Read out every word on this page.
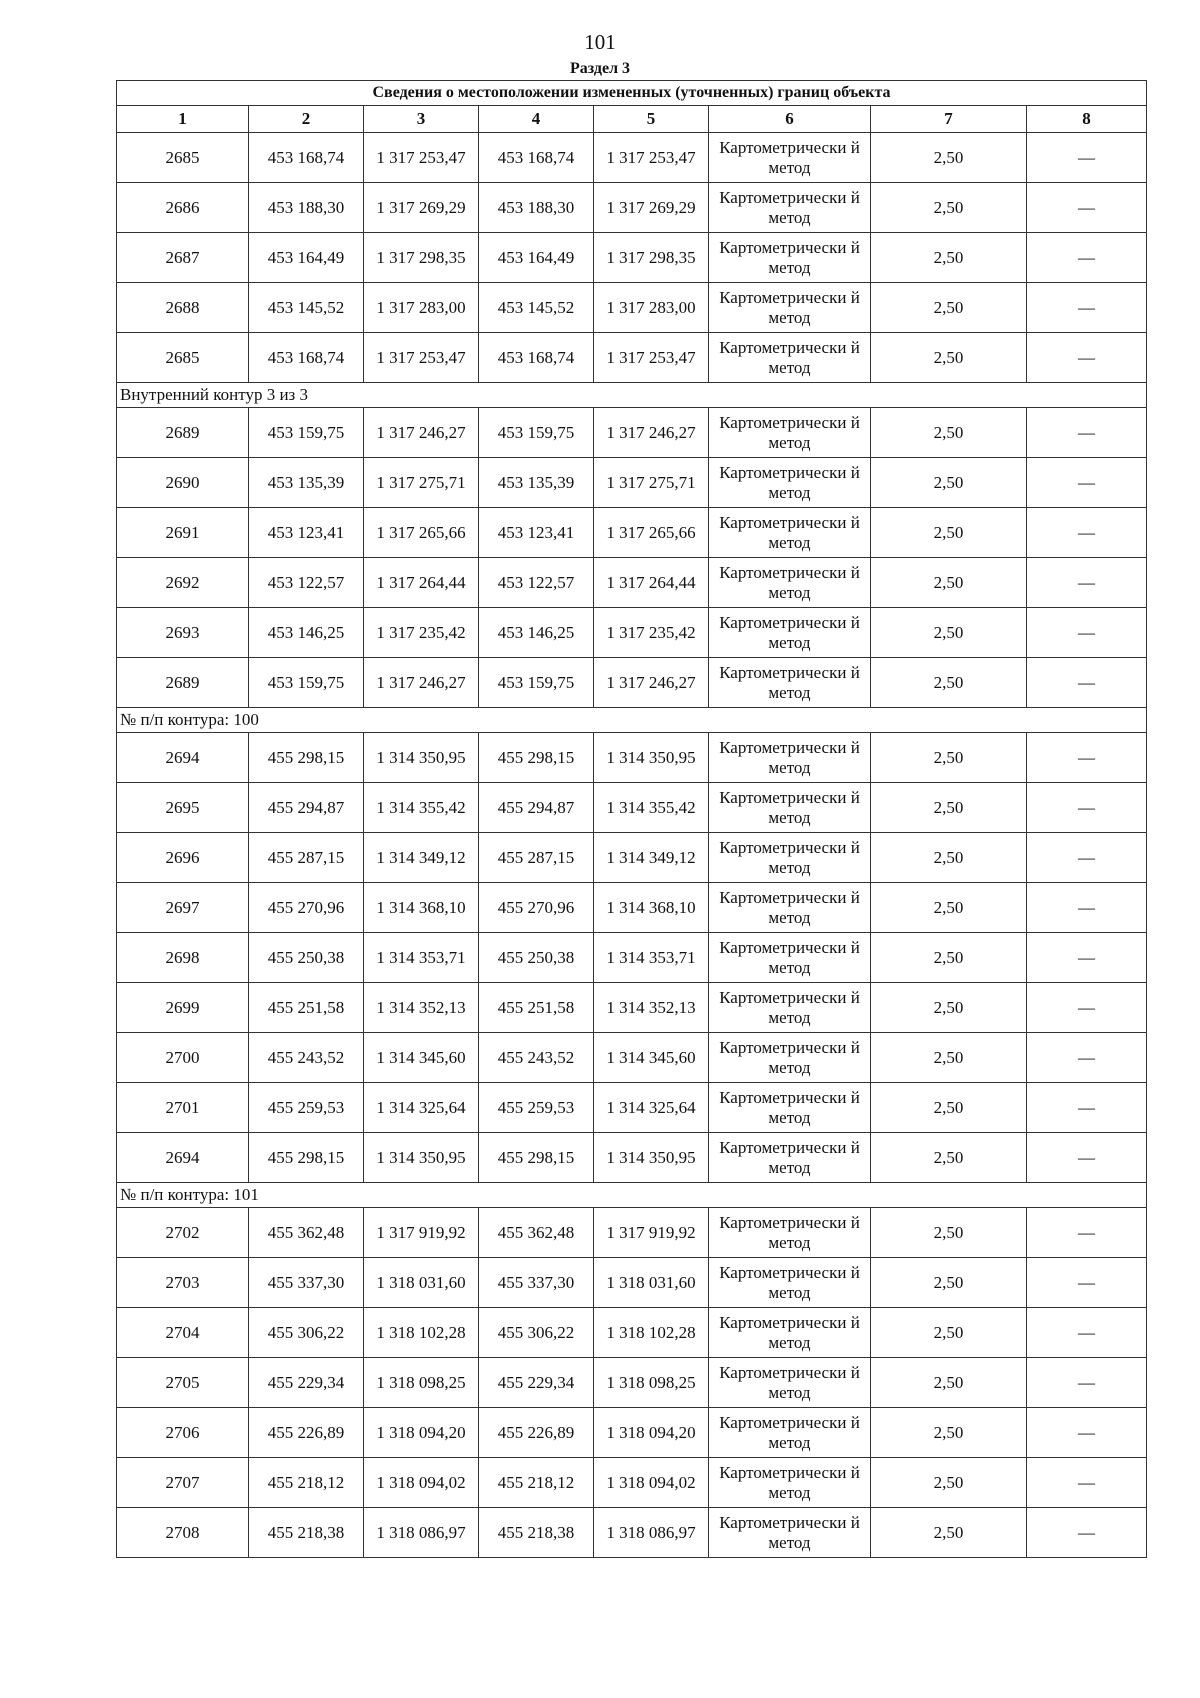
101
Раздел 3
Сведения о местоположении измененных (уточненных) границ объекта							
1	2	3	4	5	6	7	8
2685	453 168,74	1 317 253,47	453 168,74	1 317 253,47	Картометрически й метод	2,50	—
2686	453 188,30	1 317 269,29	453 188,30	1 317 269,29	Картометрически й метод	2,50	—
2687	453 164,49	1 317 298,35	453 164,49	1 317 298,35	Картометрически й метод	2,50	—
2688	453 145,52	1 317 283,00	453 145,52	1 317 283,00	Картометрически й метод	2,50	—
2685	453 168,74	1 317 253,47	453 168,74	1 317 253,47	Картометрически й метод	2,50	—
Внутренний контур 3 из 3							
2689	453 159,75	1 317 246,27	453 159,75	1 317 246,27	Картометрически й метод	2,50	—
2690	453 135,39	1 317 275,71	453 135,39	1 317 275,71	Картометрически й метод	2,50	—
2691	453 123,41	1 317 265,66	453 123,41	1 317 265,66	Картометрически й метод	2,50	—
2692	453 122,57	1 317 264,44	453 122,57	1 317 264,44	Картометрически й метод	2,50	—
2693	453 146,25	1 317 235,42	453 146,25	1 317 235,42	Картометрически й метод	2,50	—
2689	453 159,75	1 317 246,27	453 159,75	1 317 246,27	Картометрически й метод	2,50	—
№ п/п контура: 100							
2694	455 298,15	1 314 350,95	455 298,15	1 314 350,95	Картометрически й метод	2,50	—
2695	455 294,87	1 314 355,42	455 294,87	1 314 355,42	Картометрически й метод	2,50	—
2696	455 287,15	1 314 349,12	455 287,15	1 314 349,12	Картометрически й метод	2,50	—
2697	455 270,96	1 314 368,10	455 270,96	1 314 368,10	Картометрически й метод	2,50	—
2698	455 250,38	1 314 353,71	455 250,38	1 314 353,71	Картометрически й метод	2,50	—
2699	455 251,58	1 314 352,13	455 251,58	1 314 352,13	Картометрически й метод	2,50	—
2700	455 243,52	1 314 345,60	455 243,52	1 314 345,60	Картометрически й метод	2,50	—
2701	455 259,53	1 314 325,64	455 259,53	1 314 325,64	Картометрически й метод	2,50	—
2694	455 298,15	1 314 350,95	455 298,15	1 314 350,95	Картометрически й метод	2,50	—
№ п/п контура: 101							
2702	455 362,48	1 317 919,92	455 362,48	1 317 919,92	Картометрически й метод	2,50	—
2703	455 337,30	1 318 031,60	455 337,30	1 318 031,60	Картометрически й метод	2,50	—
2704	455 306,22	1 318 102,28	455 306,22	1 318 102,28	Картометрически й метод	2,50	—
2705	455 229,34	1 318 098,25	455 229,34	1 318 098,25	Картометрически й метод	2,50	—
2706	455 226,89	1 318 094,20	455 226,89	1 318 094,20	Картометрически й метод	2,50	—
2707	455 218,12	1 318 094,02	455 218,12	1 318 094,02	Картометрически й метод	2,50	—
2708	455 218,38	1 318 086,97	455 218,38	1 318 086,97	Картометрически й метод	2,50	—
